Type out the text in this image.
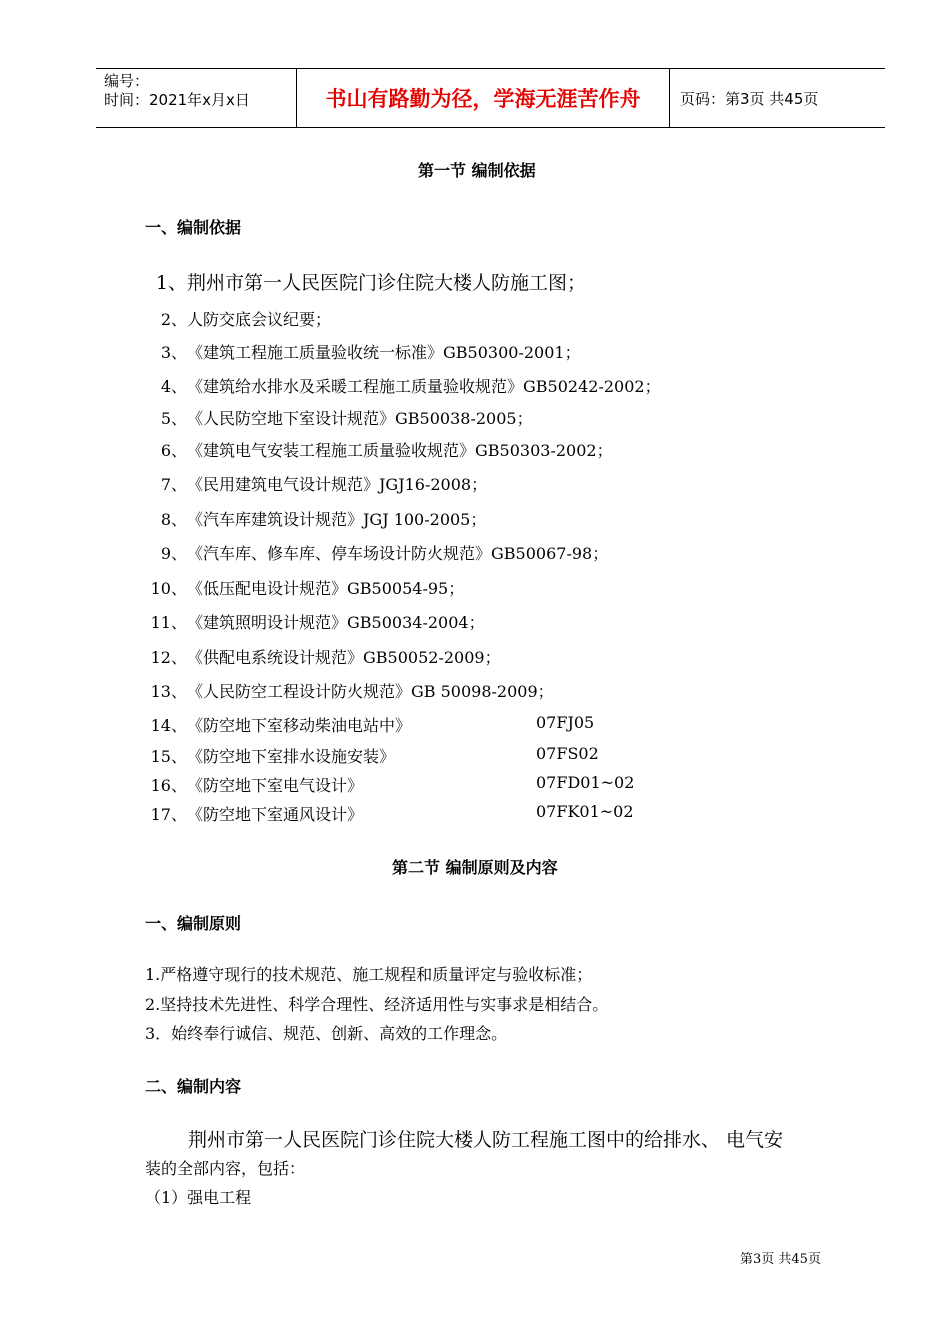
编号：
时间：2021年x月x日	书山有路勤为径，学海无涯苦作舟	页码：第3页 共45页
第一节 编制依据
一、编制依据
1、荆州市第一人民医院门诊住院大楼人防施工图；
2、人防交底会议纪要；
3、《建筑工程施工质量验收统一标准》GB50300-2001；
4、《建筑给水排水及采暖工程施工质量验收规范》GB50242-2002；
5、《人民防空地下室设计规范》GB50038-2005；
6、《建筑电气安装工程施工质量验收规范》GB50303-2002；
7、《民用建筑电气设计规范》JGJ16-2008；
8、《汽车库建筑设计规范》JGJ 100-2005；
9、《汽车库、修车库、停车场设计防火规范》GB50067-98；
10、《低压配电设计规范》GB50054-95；
11、《建筑照明设计规范》GB50034-2004；
12、《供配电系统设计规范》GB50052-2009；
13、《人民防空工程设计防火规范》GB 50098-2009；
14、《防空地下室移动柴油电站中》	07FJ05
15、《防空地下室排水设施安装》	07FS02
16、《防空地下室电气设计》	07FD01~02
17、《防空地下室通风设计》	07FK01~02
第二节 编制原则及内容
一、编制原则
1.严格遵守现行的技术规范、施工规程和质量评定与验收标准；
2.坚持技术先进性、科学合理性、经济适用性与实事求是相结合。
3．始终奉行诚信、规范、创新、高效的工作理念。
二、编制内容
荆州市第一人民医院门诊住院大楼人防工程施工图中的给排水、 电气安
装的全部内容，包括：
（1）强电工程
第3页 共45页
